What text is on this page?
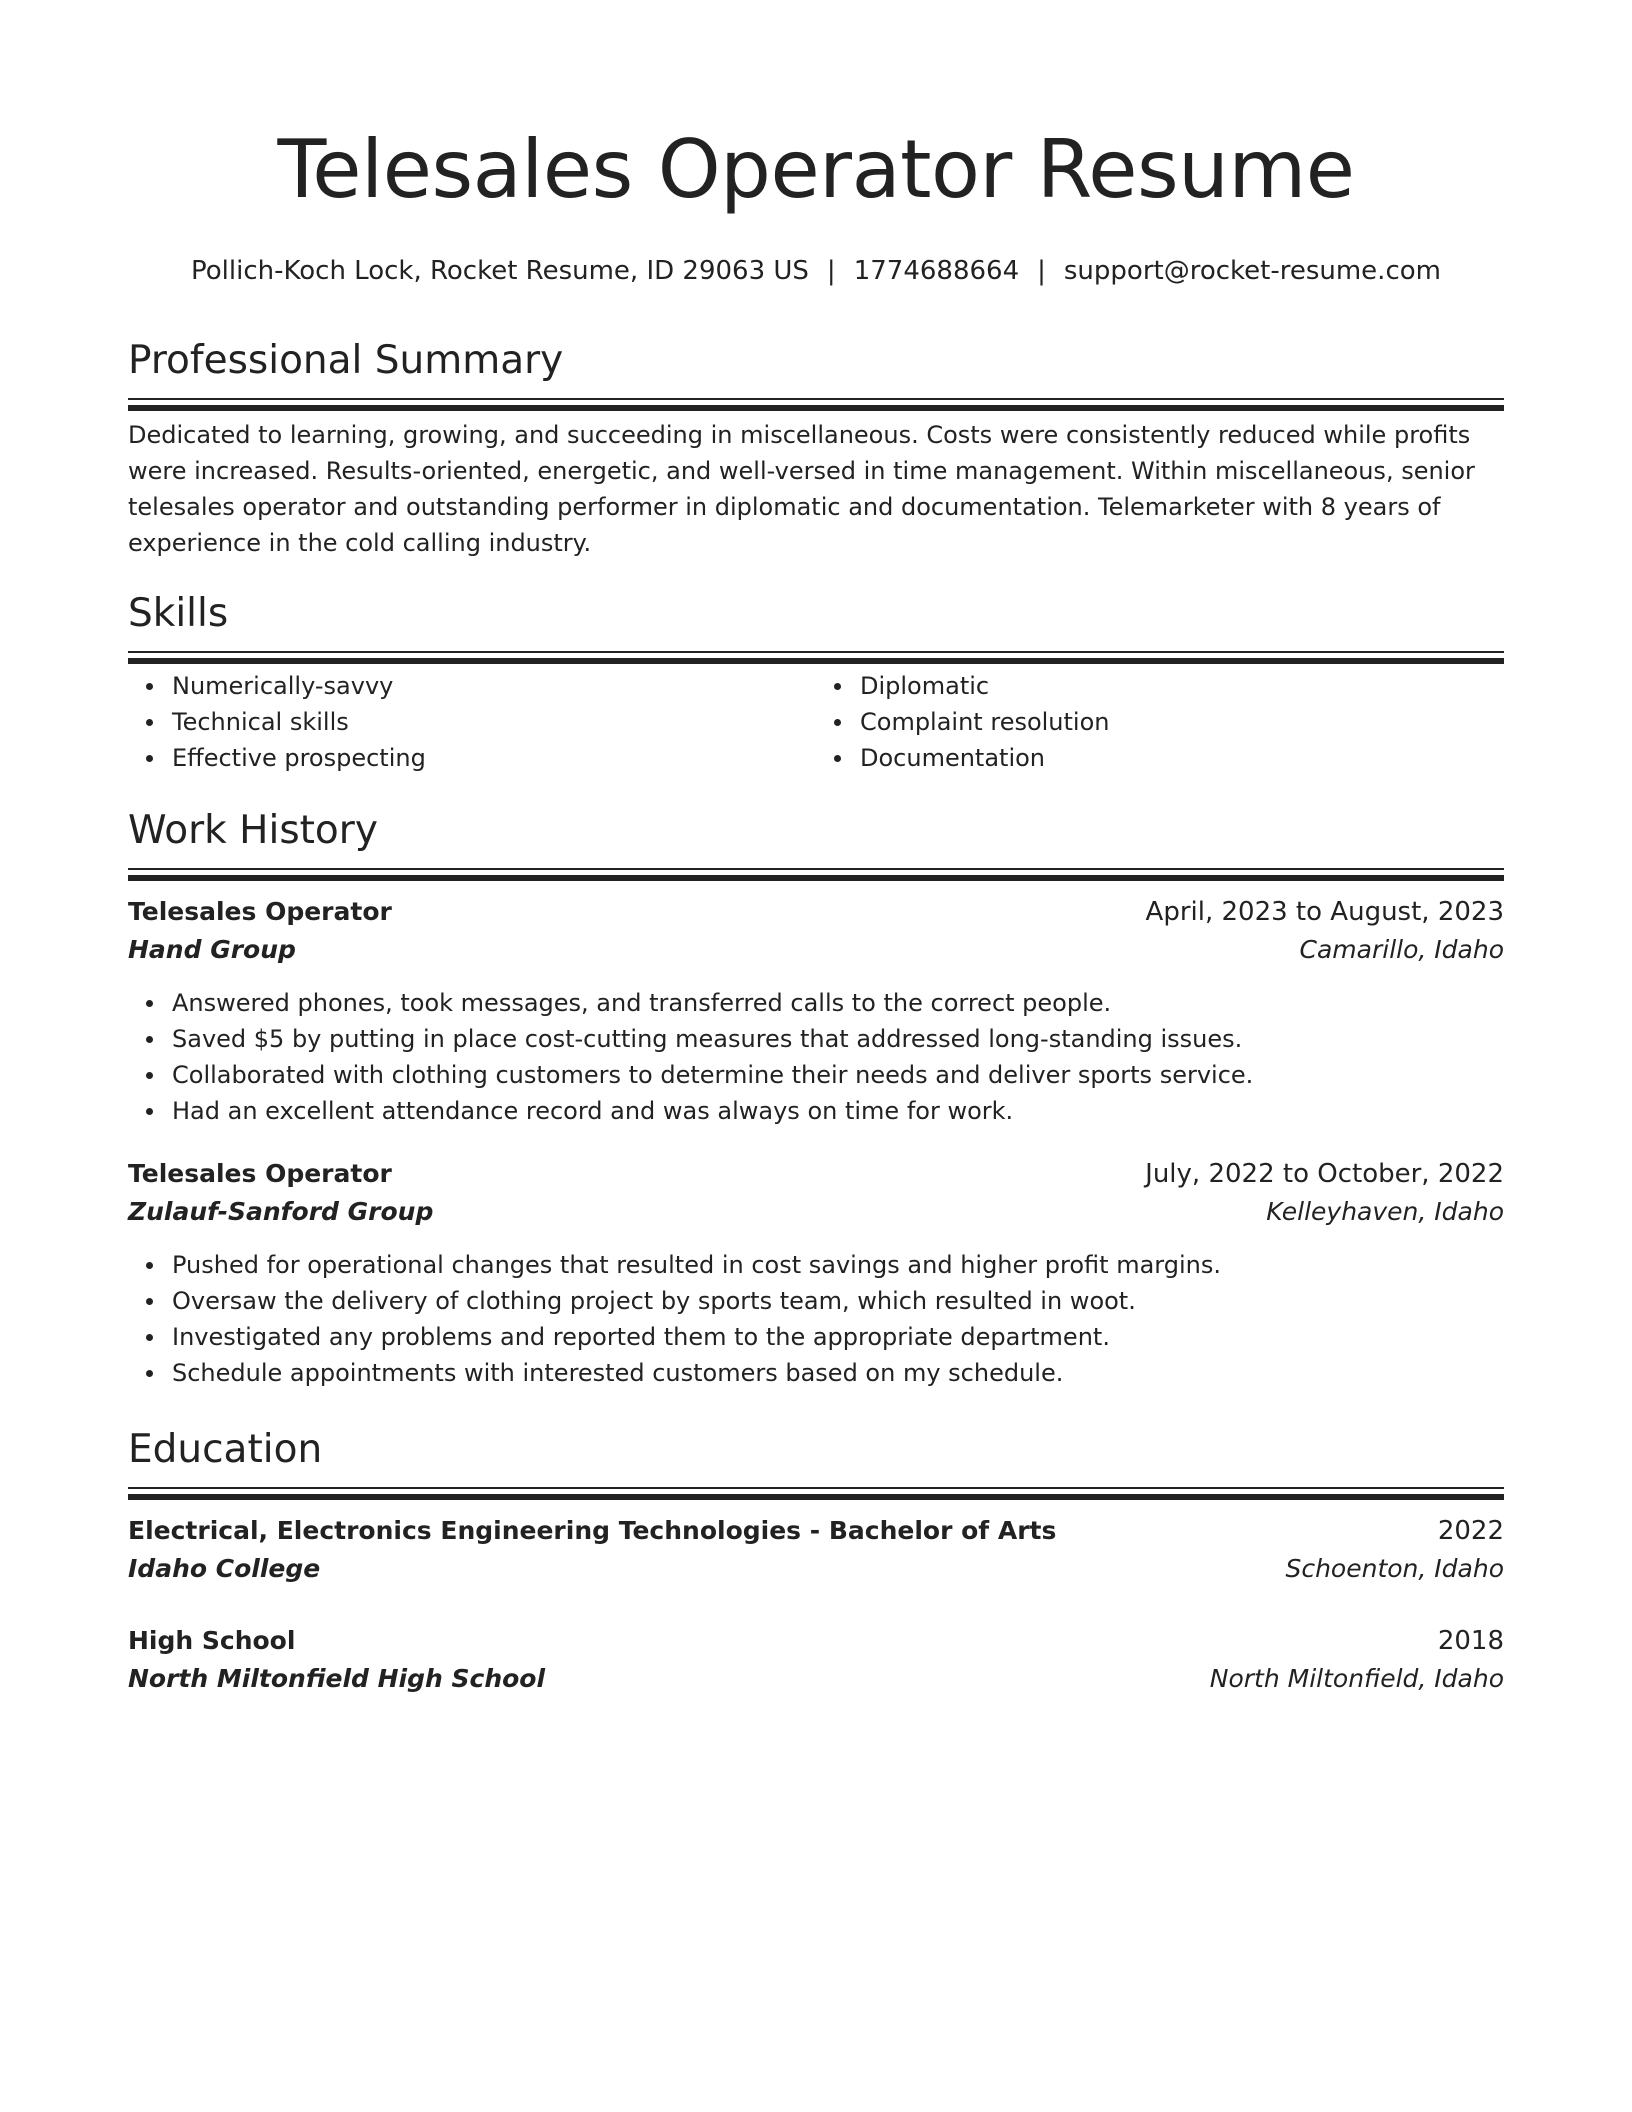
Telesales Operator Resume
Pollich-Koch Lock, Rocket Resume, ID 29063 US | 1774688664 | support@rocket-resume.com
Professional Summary

Dedicated to learning, growing, and succeeding in miscellaneous. Costs were consistently reduced while profits were increased. Results-oriented, energetic, and well-versed in time management. Within miscellaneous, senior telesales operator and outstanding performer in diplomatic and documentation. Telemarketer with 8 years of experience in the cold calling industry.

Skills
Numerically-savvy
Technical skills
Effective prospecting
Diplomatic
Complaint resolution
Documentation
Work History
Telesales Operator	April, 2023 to August, 2023
Hand Group	Camarillo, Idaho
Answered phones, took messages, and transferred calls to the correct people.
Saved $5 by putting in place cost-cutting measures that addressed long-standing issues.
Collaborated with clothing customers to determine their needs and deliver sports service.
Had an excellent attendance record and was always on time for work.
Telesales Operator	July, 2022 to October, 2022
Zulauf-Sanford Group	Kelleyhaven, Idaho
Pushed for operational changes that resulted in cost savings and higher profit margins.
Oversaw the delivery of clothing project by sports team, which resulted in woot.
Investigated any problems and reported them to the appropriate department.
Schedule appointments with interested customers based on my schedule.
Education
Electrical, Electronics Engineering Technologies - Bachelor of Arts	2022
Idaho College	Schoenton, Idaho
High School	2018
North Miltonfield High School	North Miltonfield, Idaho
